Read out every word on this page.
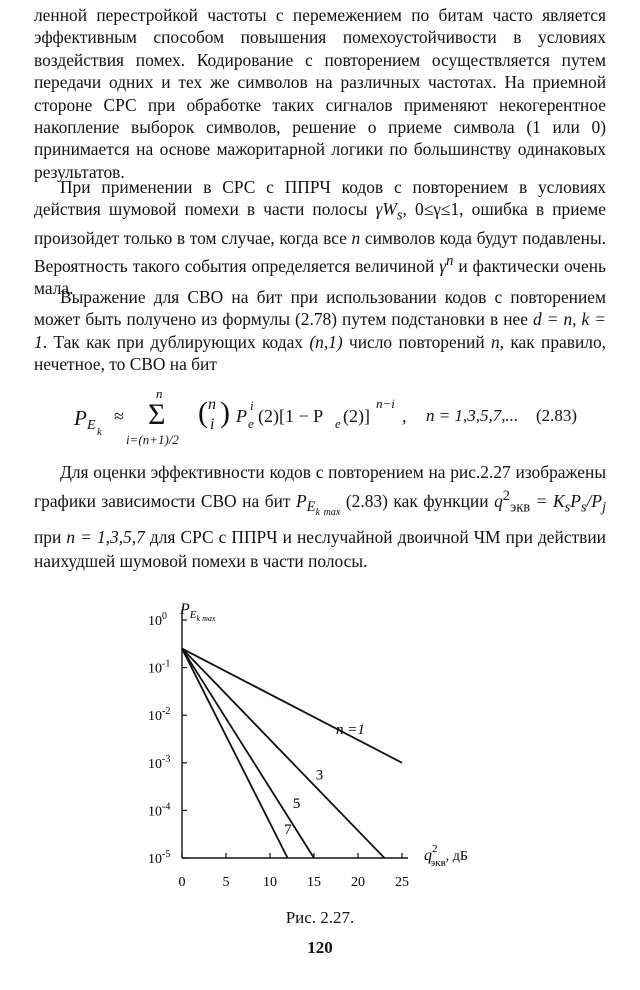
ленной перестройкой частоты с перемежением по битам часто является эффективным способом повышения помехоустойчивости в условиях воздействия помех. Кодирование с повторением осуществляется путем передачи одних и тех же символов на различных частотах. На приемной стороне СРС при обработке таких сигналов применяют некогерентное накопление выборок символов, решение о приеме символа (1 или 0) принимается на основе мажоритарной логики по большинству одинаковых результатов.

При применении в СРС с ППРЧ кодов с повторением в условиях действия шумовой помехи в части полосы $\gamma W_s$, 0≤γ≤1, ошибка в приеме произойдет только в том случае, когда все n символов кода будут подавлены. Вероятность такого события определяется величиной $\gamma^n$ и фактически очень мала.

Выражение для СВО на бит при использовании кодов с повторением может быть получено из формулы (2.78) путем подстановки в нее d = n, k = 1. Так как при дублирующих кодах (n,1) число повторений n, как правило, нечетное, то СВО на бит

P E k
≈
n
Σ
i=(n+1)/2
( n
i ) P e
i
(2)[1 − P e (2)]
n−i
, n = 1,3,5,7,... (2.83)

Для оценки эффективности кодов с повторением на рис.2.27 изображены графики зависимости СВО на бит $P_{E_{k max}}$ (2.83) как функции $q^2_{экв} = K_sP_s/P_j$ при n = 1,3,5,7 для СРС с ППРЧ и неслучайной двоичной ЧМ при действии наихудшей шумовой помехи в части полосы.

$10^0$
$10^{-1}$
$10^{-2}$
$10^{-3}$
$10^{-4}$
$10^{-5}$
0	5 10 15 20 25
$P_Ek$ max
$q^2$ экв, дБ
n =1
3
5
7
Рис. 2.27.
120
